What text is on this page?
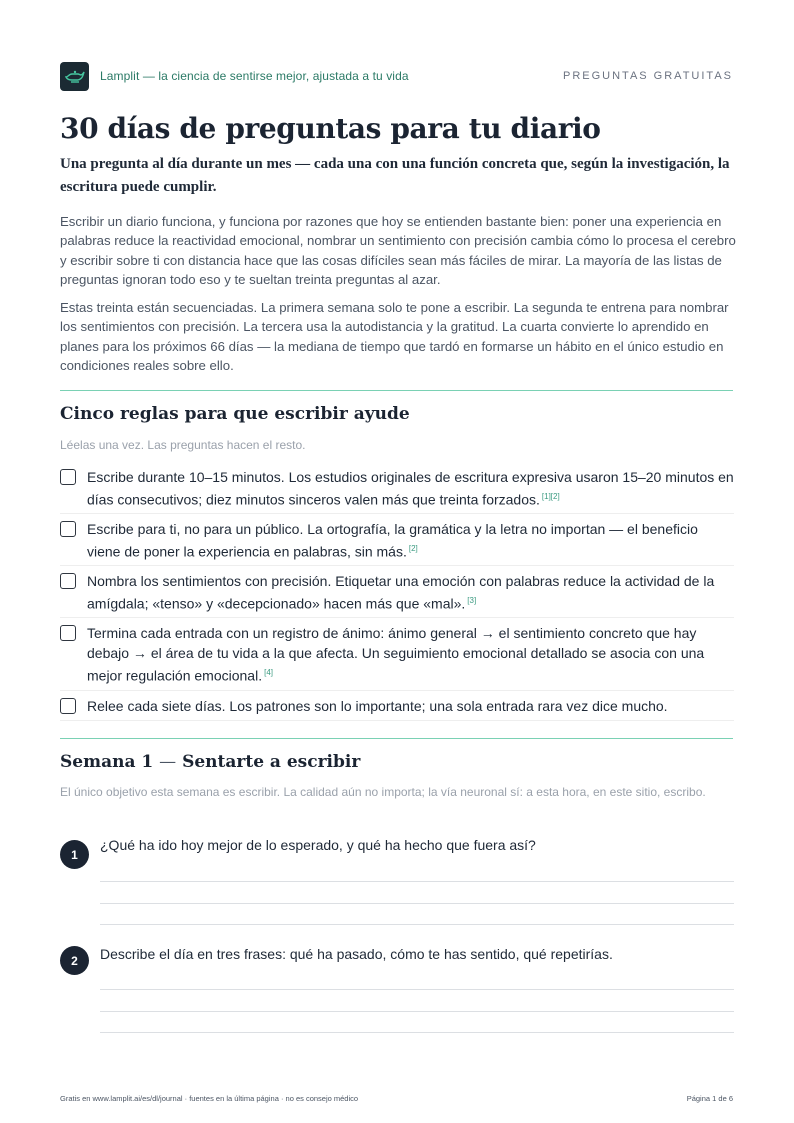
Lamplit — la ciencia de sentirse mejor, ajustada a tu vida	PREGUNTAS GRATUITAS
30 días de preguntas para tu diario

Una pregunta al día durante un mes — cada una con una función concreta que, según la investigación, la escritura puede cumplir.

Escribir un diario funciona, y funciona por razones que hoy se entienden bastante bien: poner una experiencia en palabras reduce la reactividad emocional, nombrar un sentimiento con precisión cambia cómo lo procesa el cerebro y escribir sobre ti con distancia hace que las cosas difíciles sean más fáciles de mirar. La mayoría de las listas de preguntas ignoran todo eso y te sueltan treinta preguntas al azar.

Estas treinta están secuenciadas. La primera semana solo te pone a escribir. La segunda te entrena para nombrar los sentimientos con precisión. La tercera usa la autodistancia y la gratitud. La cuarta convierte lo aprendido en planes para los próximos 66 días — la mediana de tiempo que tardó en formarse un hábito en el único estudio en condiciones reales sobre ello.

Cinco reglas para que escribir ayude

Léelas una vez. Las preguntas hacen el resto.

Escribe durante 10–15 minutos. Los estudios originales de escritura expresiva usaron 15–20 minutos en días consecutivos; diez minutos sinceros valen más que treinta forzados. [1][2]

Escribe para ti, no para un público. La ortografía, la gramática y la letra no importan — el beneficio viene de poner la experiencia en palabras, sin más. [2]

Nombra los sentimientos con precisión. Etiquetar una emoción con palabras reduce la actividad de la amígdala; «tenso» y «decepcionado» hacen más que «mal». [3]

Termina cada entrada con un registro de ánimo: ánimo general → el sentimiento concreto que hay debajo → el área de tu vida a la que afecta. Un seguimiento emocional detallado se asocia con una mejor regulación emocional. [4]

Relee cada siete días. Los patrones son lo importante; una sola entrada rara vez dice mucho.

Semana 1 — Sentarte a escribir

El único objetivo esta semana es escribir. La calidad aún no importa; la vía neuronal sí: a esta hora, en este sitio, escribo.

1
¿Qué ha ido hoy mejor de lo esperado, y qué ha hecho que fuera así?
2	Describe el día en tres frases: qué ha pasado, cómo te has sentido, qué repetirías.
Gratis en www.lamplit.ai/es/dl/journal · fuentes en la última página · no es consejo médico	Página 1 de 6
